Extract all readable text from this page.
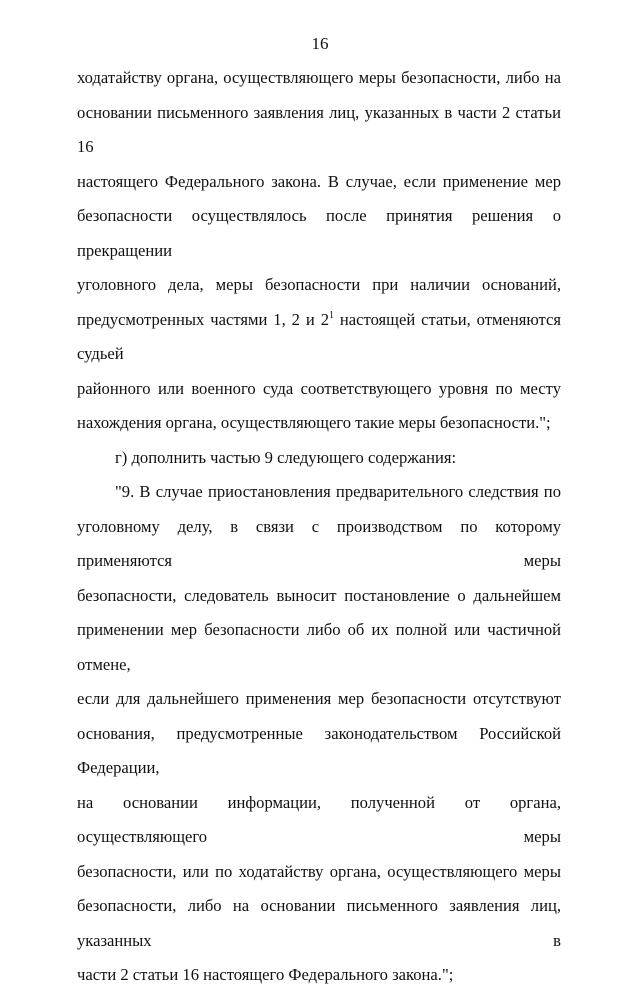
16
ходатайству органа, осуществляющего меры безопасности, либо на
основании письменного заявления лиц, указанных в части 2 статьи 16
настоящего Федерального закона. В случае, если применение мер
безопасности осуществлялось после принятия решения о прекращении
уголовного дела, меры безопасности при наличии оснований,
предусмотренных частями 1, 2 и $2^1$ настоящей статьи, отменяются судьей
районного или военного суда соответствующего уровня по месту
нахождения органа, осуществляющего такие меры безопасности.";
г) дополнить частью 9 следующего содержания:
"9. В случае приостановления предварительного следствия по
уголовному делу, в связи с производством по которому применяются меры
безопасности, следователь выносит постановление о дальнейшем
применении мер безопасности либо об их полной или частичной отмене,
если для дальнейшего применения мер безопасности отсутствуют
основания, предусмотренные законодательством Российской Федерации,
на основании информации, полученной от органа, осуществляющего меры
безопасности, или по ходатайству органа, осуществляющего меры
безопасности, либо на основании письменного заявления лиц, указанных в
части 2 статьи 16 настоящего Федерального закона.";
